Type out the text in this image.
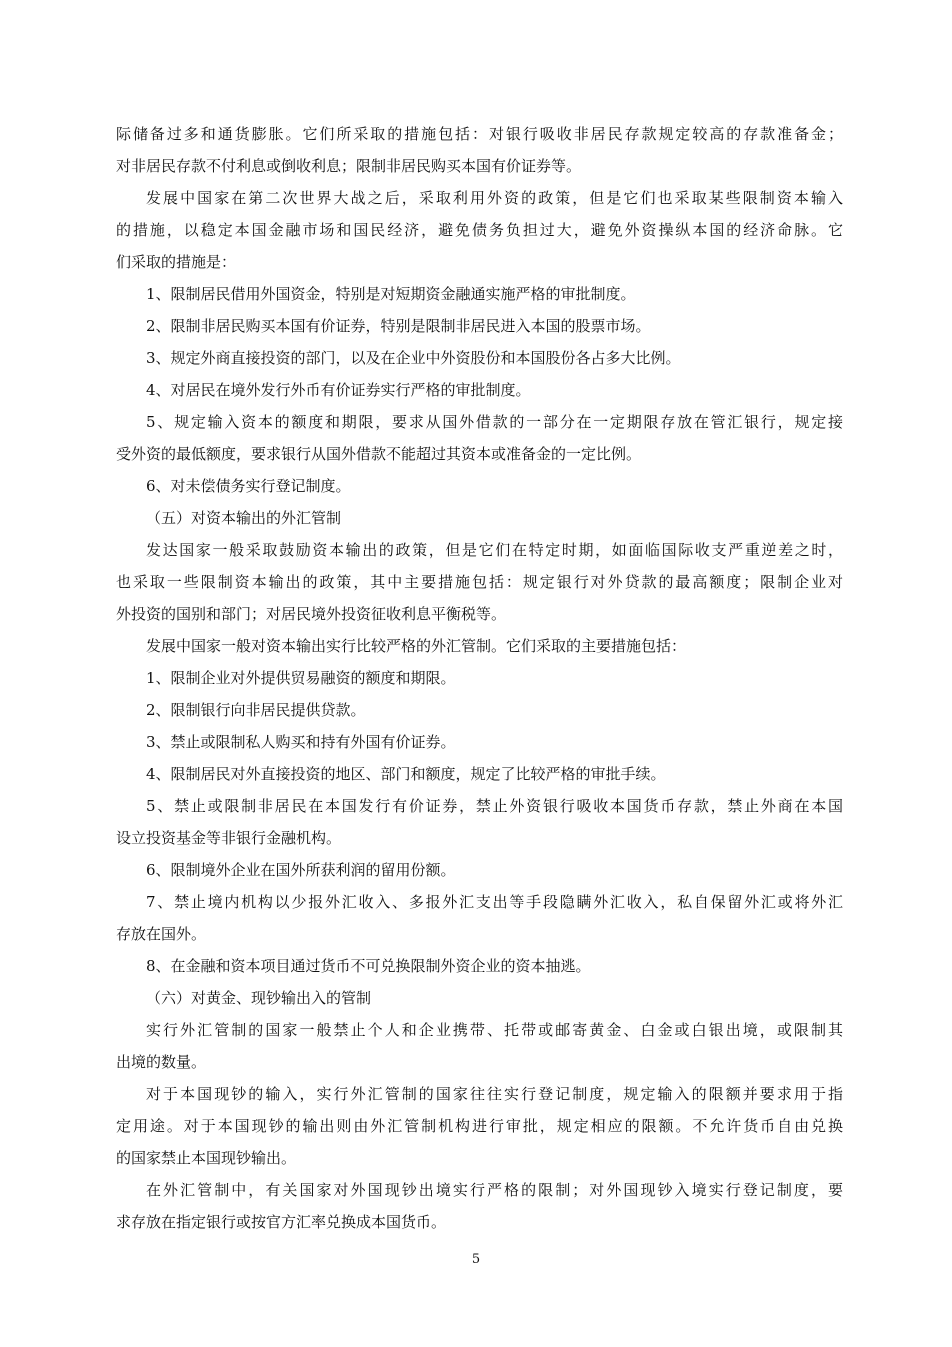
际储备过多和通货膨胀。它们所采取的措施包括：对银行吸收非居民存款规定较高的存款准备金；
对非居民存款不付利息或倒收利息；限制非居民购买本国有价证券等。
发展中国家在第二次世界大战之后，采取利用外资的政策，但是它们也采取某些限制资本输入
的措施，以稳定本国金融市场和国民经济，避免债务负担过大，避免外资操纵本国的经济命脉。它
们采取的措施是：
1、限制居民借用外国资金，特别是对短期资金融通实施严格的审批制度。
2、限制非居民购买本国有价证券，特别是限制非居民进入本国的股票市场。
3、规定外商直接投资的部门，以及在企业中外资股份和本国股份各占多大比例。
4、对居民在境外发行外币有价证券实行严格的审批制度。
5、规定输入资本的额度和期限，要求从国外借款的一部分在一定期限存放在管汇银行，规定接
受外资的最低额度，要求银行从国外借款不能超过其资本或准备金的一定比例。
6、对未偿债务实行登记制度。
（五）对资本输出的外汇管制
发达国家一般采取鼓励资本输出的政策，但是它们在特定时期，如面临国际收支严重逆差之时，
也采取一些限制资本输出的政策，其中主要措施包括：规定银行对外贷款的最高额度；限制企业对
外投资的国别和部门；对居民境外投资征收利息平衡税等。
发展中国家一般对资本输出实行比较严格的外汇管制。它们采取的主要措施包括：
1、限制企业对外提供贸易融资的额度和期限。
2、限制银行向非居民提供贷款。
3、禁止或限制私人购买和持有外国有价证券。
4、限制居民对外直接投资的地区、部门和额度，规定了比较严格的审批手续。
5、禁止或限制非居民在本国发行有价证券，禁止外资银行吸收本国货币存款，禁止外商在本国
设立投资基金等非银行金融机构。
6、限制境外企业在国外所获利润的留用份额。
7、禁止境内机构以少报外汇收入、多报外汇支出等手段隐瞒外汇收入，私自保留外汇或将外汇
存放在国外。
8、在金融和资本项目通过货币不可兑换限制外资企业的资本抽逃。
（六）对黄金、现钞输出入的管制
实行外汇管制的国家一般禁止个人和企业携带、托带或邮寄黄金、白金或白银出境，或限制其
出境的数量。
对于本国现钞的输入，实行外汇管制的国家往往实行登记制度，规定输入的限额并要求用于指
定用途。对于本国现钞的输出则由外汇管制机构进行审批，规定相应的限额。不允许货币自由兑换
的国家禁止本国现钞输出。
在外汇管制中，有关国家对外国现钞出境实行严格的限制；对外国现钞入境实行登记制度，要
求存放在指定银行或按官方汇率兑换成本国货币。
5
